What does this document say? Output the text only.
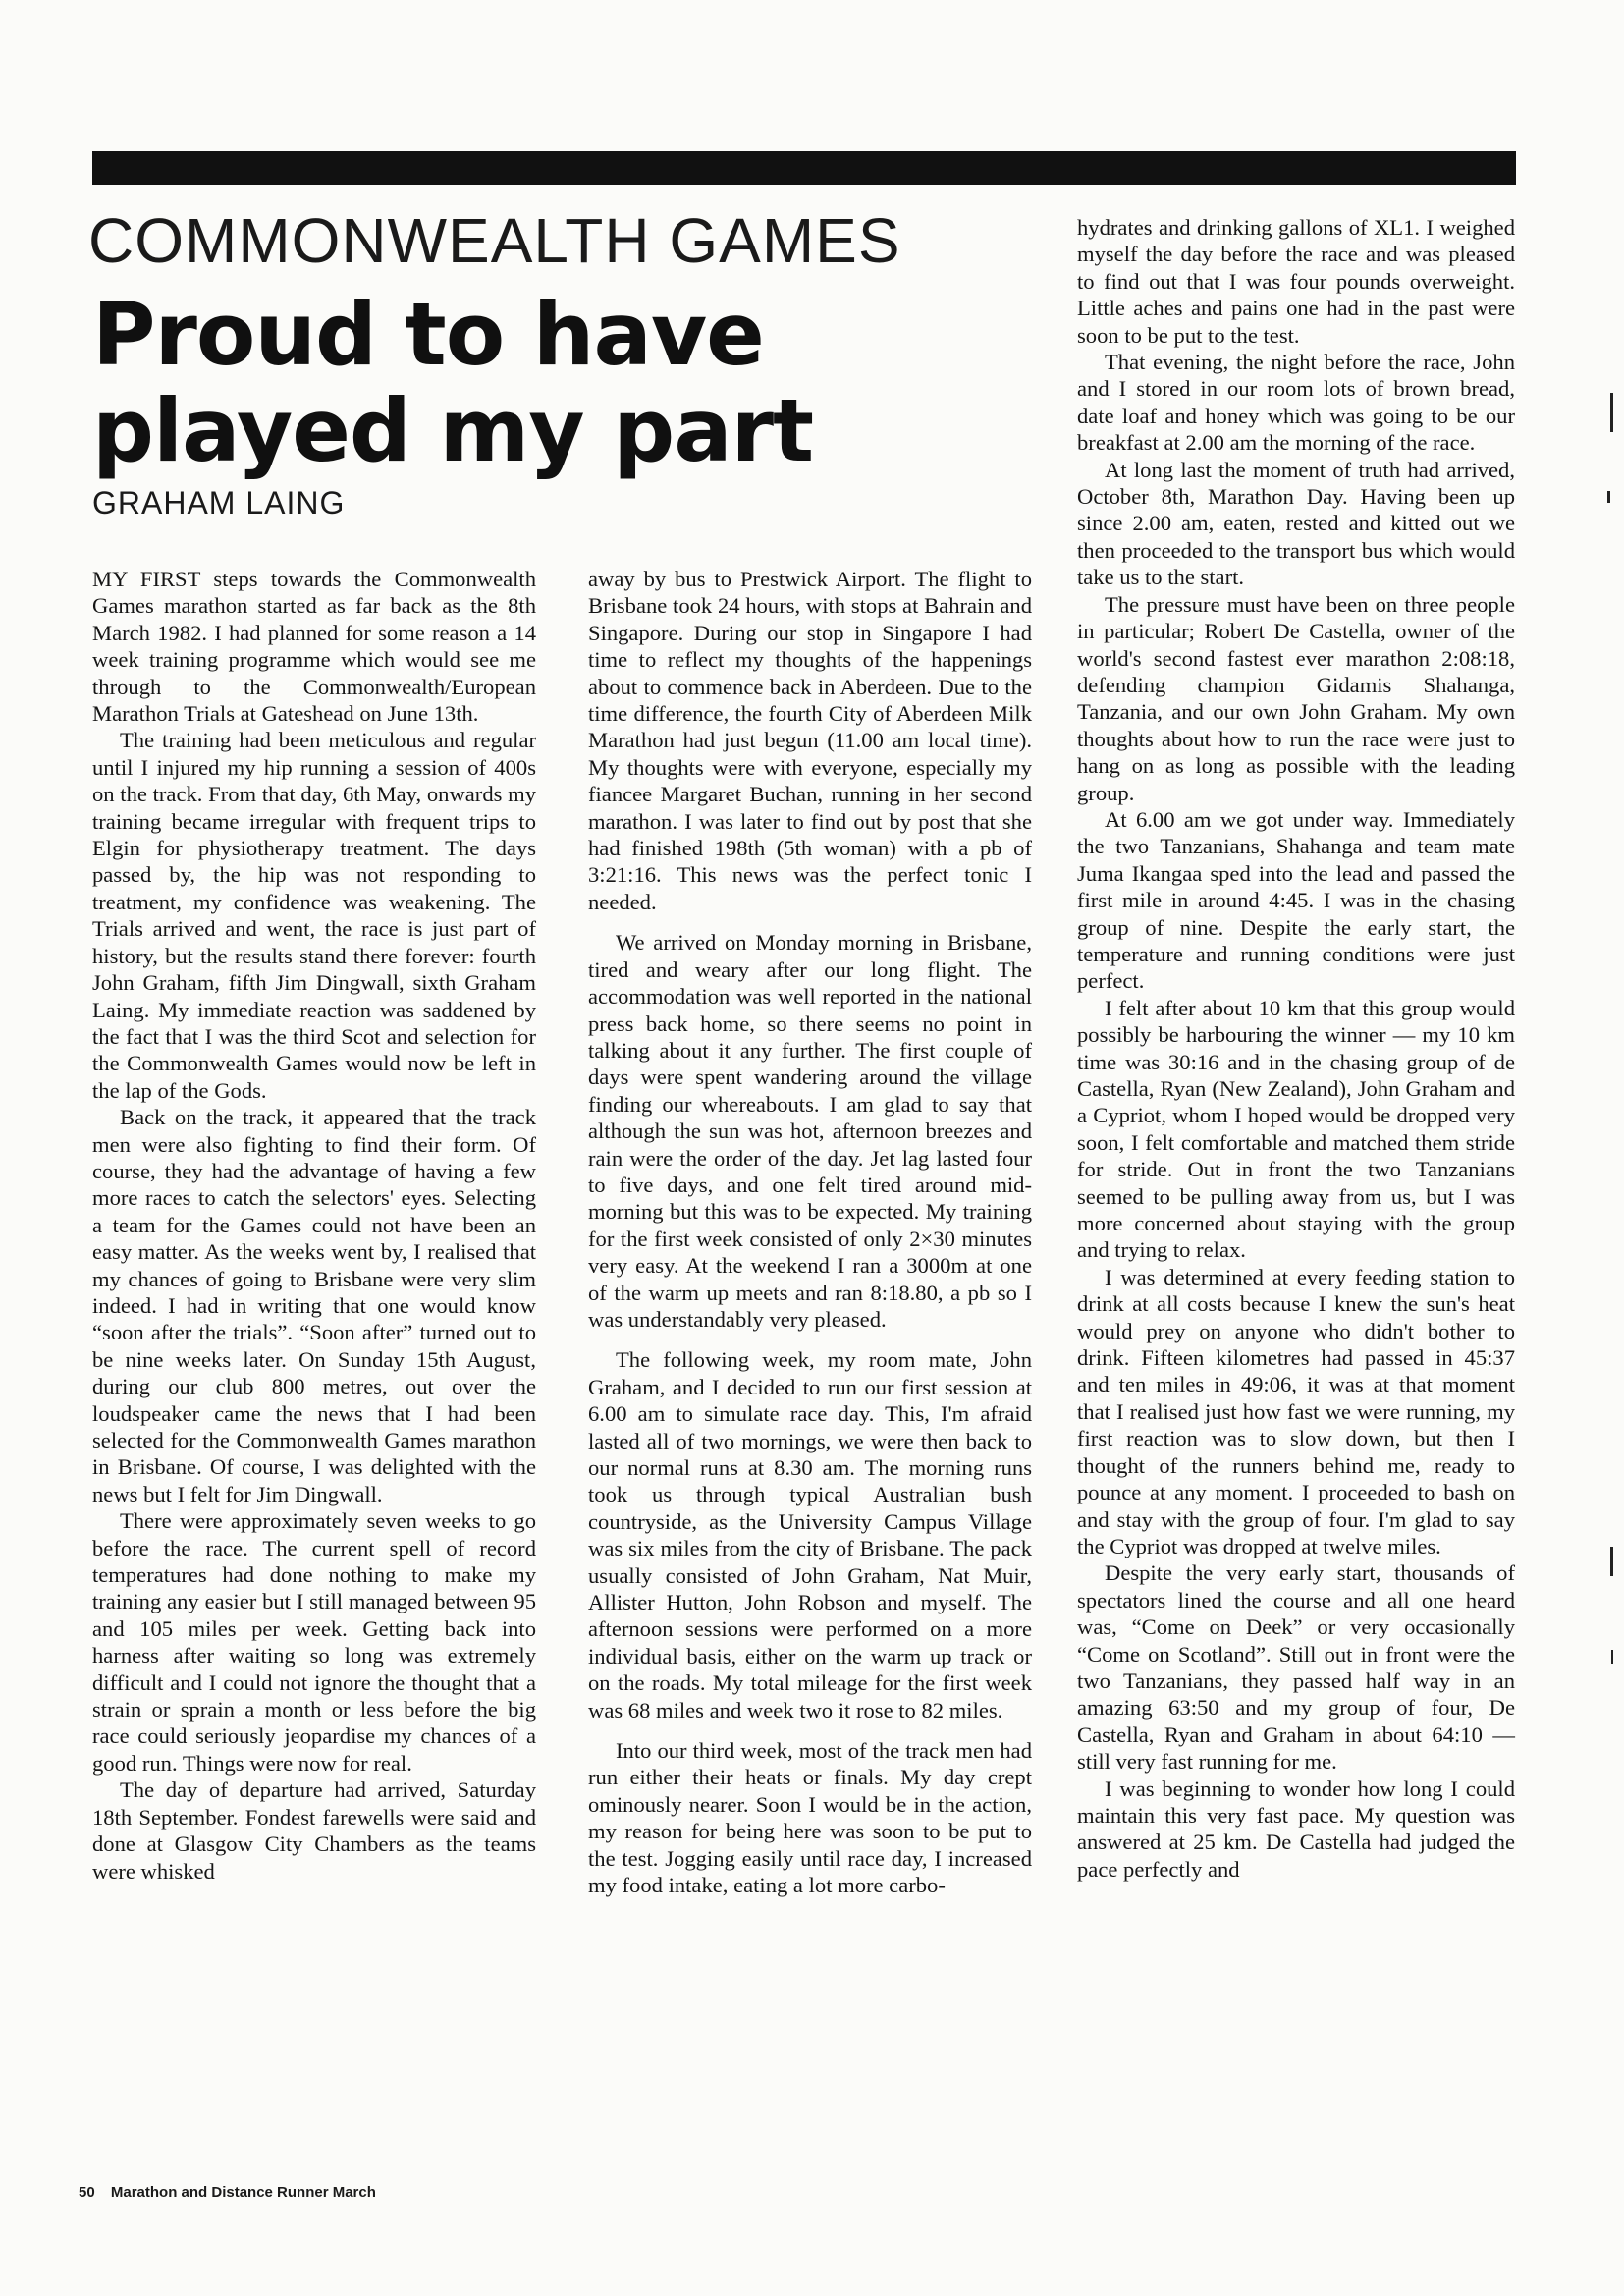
COMMONWEALTH GAMES
Proud to have
played my part
GRAHAM LAING

MY FIRST steps towards the Commonwealth Games marathon started as far back as the 8th March 1982. I had planned for some reason a 14 week training programme which would see me through to the Commonwealth/European Marathon Trials at Gateshead on June 13th.

The training had been meticulous and regular until I injured my hip running a session of 400s on the track. From that day, 6th May, onwards my training became irregular with frequent trips to Elgin for physiotherapy treatment. The days passed by, the hip was not responding to treatment, my confidence was weakening. The Trials arrived and went, the race is just part of history, but the results stand there forever: fourth John Graham, fifth Jim Dingwall, sixth Graham Laing. My immediate reaction was saddened by the fact that I was the third Scot and selection for the Commonwealth Games would now be left in the lap of the Gods.

Back on the track, it appeared that the track men were also fighting to find their form. Of course, they had the advantage of having a few more races to catch the selectors' eyes. Selecting a team for the Games could not have been an easy matter. As the weeks went by, I realised that my chances of going to Brisbane were very slim indeed. I had in writing that one would know “soon after the trials”. “Soon after” turned out to be nine weeks later. On Sunday 15th August, during our club 800 metres, out over the loudspeaker came the news that I had been selected for the Commonwealth Games marathon in Brisbane. Of course, I was delighted with the news but I felt for Jim Dingwall.

There were approximately seven weeks to go before the race. The current spell of record temperatures had done nothing to make my training any easier but I still managed between 95 and 105 miles per week. Getting back into harness after waiting so long was extremely difficult and I could not ignore the thought that a strain or sprain a month or less before the big race could seriously jeopardise my chances of a good run. Things were now for real.

The day of departure had arrived, Saturday 18th September. Fondest farewells were said and done at Glasgow City Chambers as the teams were whisked

away by bus to Prestwick Airport. The flight to Brisbane took 24 hours, with stops at Bahrain and Singapore. During our stop in Singapore I had time to reflect my thoughts of the happenings about to commence back in Aberdeen. Due to the time difference, the fourth City of Aberdeen Milk Marathon had just begun (11.00 am local time). My thoughts were with everyone, especially my fiancee Margaret Buchan, running in her second marathon. I was later to find out by post that she had finished 198th (5th woman) with a pb of 3:21:16. This news was the perfect tonic I needed.

We arrived on Monday morning in Brisbane, tired and weary after our long flight. The accommodation was well reported in the national press back home, so there seems no point in talking about it any further. The first couple of days were spent wandering around the village finding our whereabouts. I am glad to say that although the sun was hot, afternoon breezes and rain were the order of the day. Jet lag lasted four to five days, and one felt tired around mid-morning but this was to be expected. My training for the first week consisted of only 2×30 minutes very easy. At the weekend I ran a 3000m at one of the warm up meets and ran 8:18.80, a pb so I was understandably very pleased.

The following week, my room mate, John Graham, and I decided to run our first session at 6.00 am to simulate race day. This, I'm afraid lasted all of two mornings, we were then back to our normal runs at 8.30 am. The morning runs took us through typical Australian bush countryside, as the University Campus Village was six miles from the city of Brisbane. The pack usually consisted of John Graham, Nat Muir, Allister Hutton, John Robson and myself. The afternoon sessions were performed on a more individual basis, either on the warm up track or on the roads. My total mileage for the first week was 68 miles and week two it rose to 82 miles.

Into our third week, most of the track men had run either their heats or finals. My day crept ominously nearer. Soon I would be in the action, my reason for being here was soon to be put to the test. Jogging easily until race day, I increased my food intake, eating a lot more carbo-

hydrates and drinking gallons of XL1. I weighed myself the day before the race and was pleased to find out that I was four pounds overweight. Little aches and pains one had in the past were soon to be put to the test.

That evening, the night before the race, John and I stored in our room lots of brown bread, date loaf and honey which was going to be our breakfast at 2.00 am the morning of the race.

At long last the moment of truth had arrived, October 8th, Marathon Day. Having been up since 2.00 am, eaten, rested and kitted out we then proceeded to the transport bus which would take us to the start.

The pressure must have been on three people in particular; Robert De Castella, owner of the world's second fastest ever marathon 2:08:18, defending champion Gidamis Shahanga, Tanzania, and our own John Graham. My own thoughts about how to run the race were just to hang on as long as possible with the leading group.

At 6.00 am we got under way. Immediately the two Tanzanians, Shahanga and team mate Juma Ikangaa sped into the lead and passed the first mile in around 4:45. I was in the chasing group of nine. Despite the early start, the temperature and running conditions were just perfect.

I felt after about 10 km that this group would possibly be harbouring the winner — my 10 km time was 30:16 and in the chasing group of de Castella, Ryan (New Zealand), John Graham and a Cypriot, whom I hoped would be dropped very soon, I felt comfortable and matched them stride for stride. Out in front the two Tanzanians seemed to be pulling away from us, but I was more concerned about staying with the group and trying to relax.

I was determined at every feeding station to drink at all costs because I knew the sun's heat would prey on anyone who didn't bother to drink. Fifteen kilometres had passed in 45:37 and ten miles in 49:06, it was at that moment that I realised just how fast we were running, my first reaction was to slow down, but then I thought of the runners behind me, ready to pounce at any moment. I proceeded to bash on and stay with the group of four. I'm glad to say the Cypriot was dropped at twelve miles.

Despite the very early start, thousands of spectators lined the course and all one heard was, “Come on Deek” or very occasionally “Come on Scotland”. Still out in front were the two Tanzanians, they passed half way in an amazing 63:50 and my group of four, De Castella, Ryan and Graham in about 64:10 — still very fast running for me.

I was beginning to wonder how long I could maintain this very fast pace. My question was answered at 25 km. De Castella had judged the pace perfectly and

50 Marathon and Distance Runner March
